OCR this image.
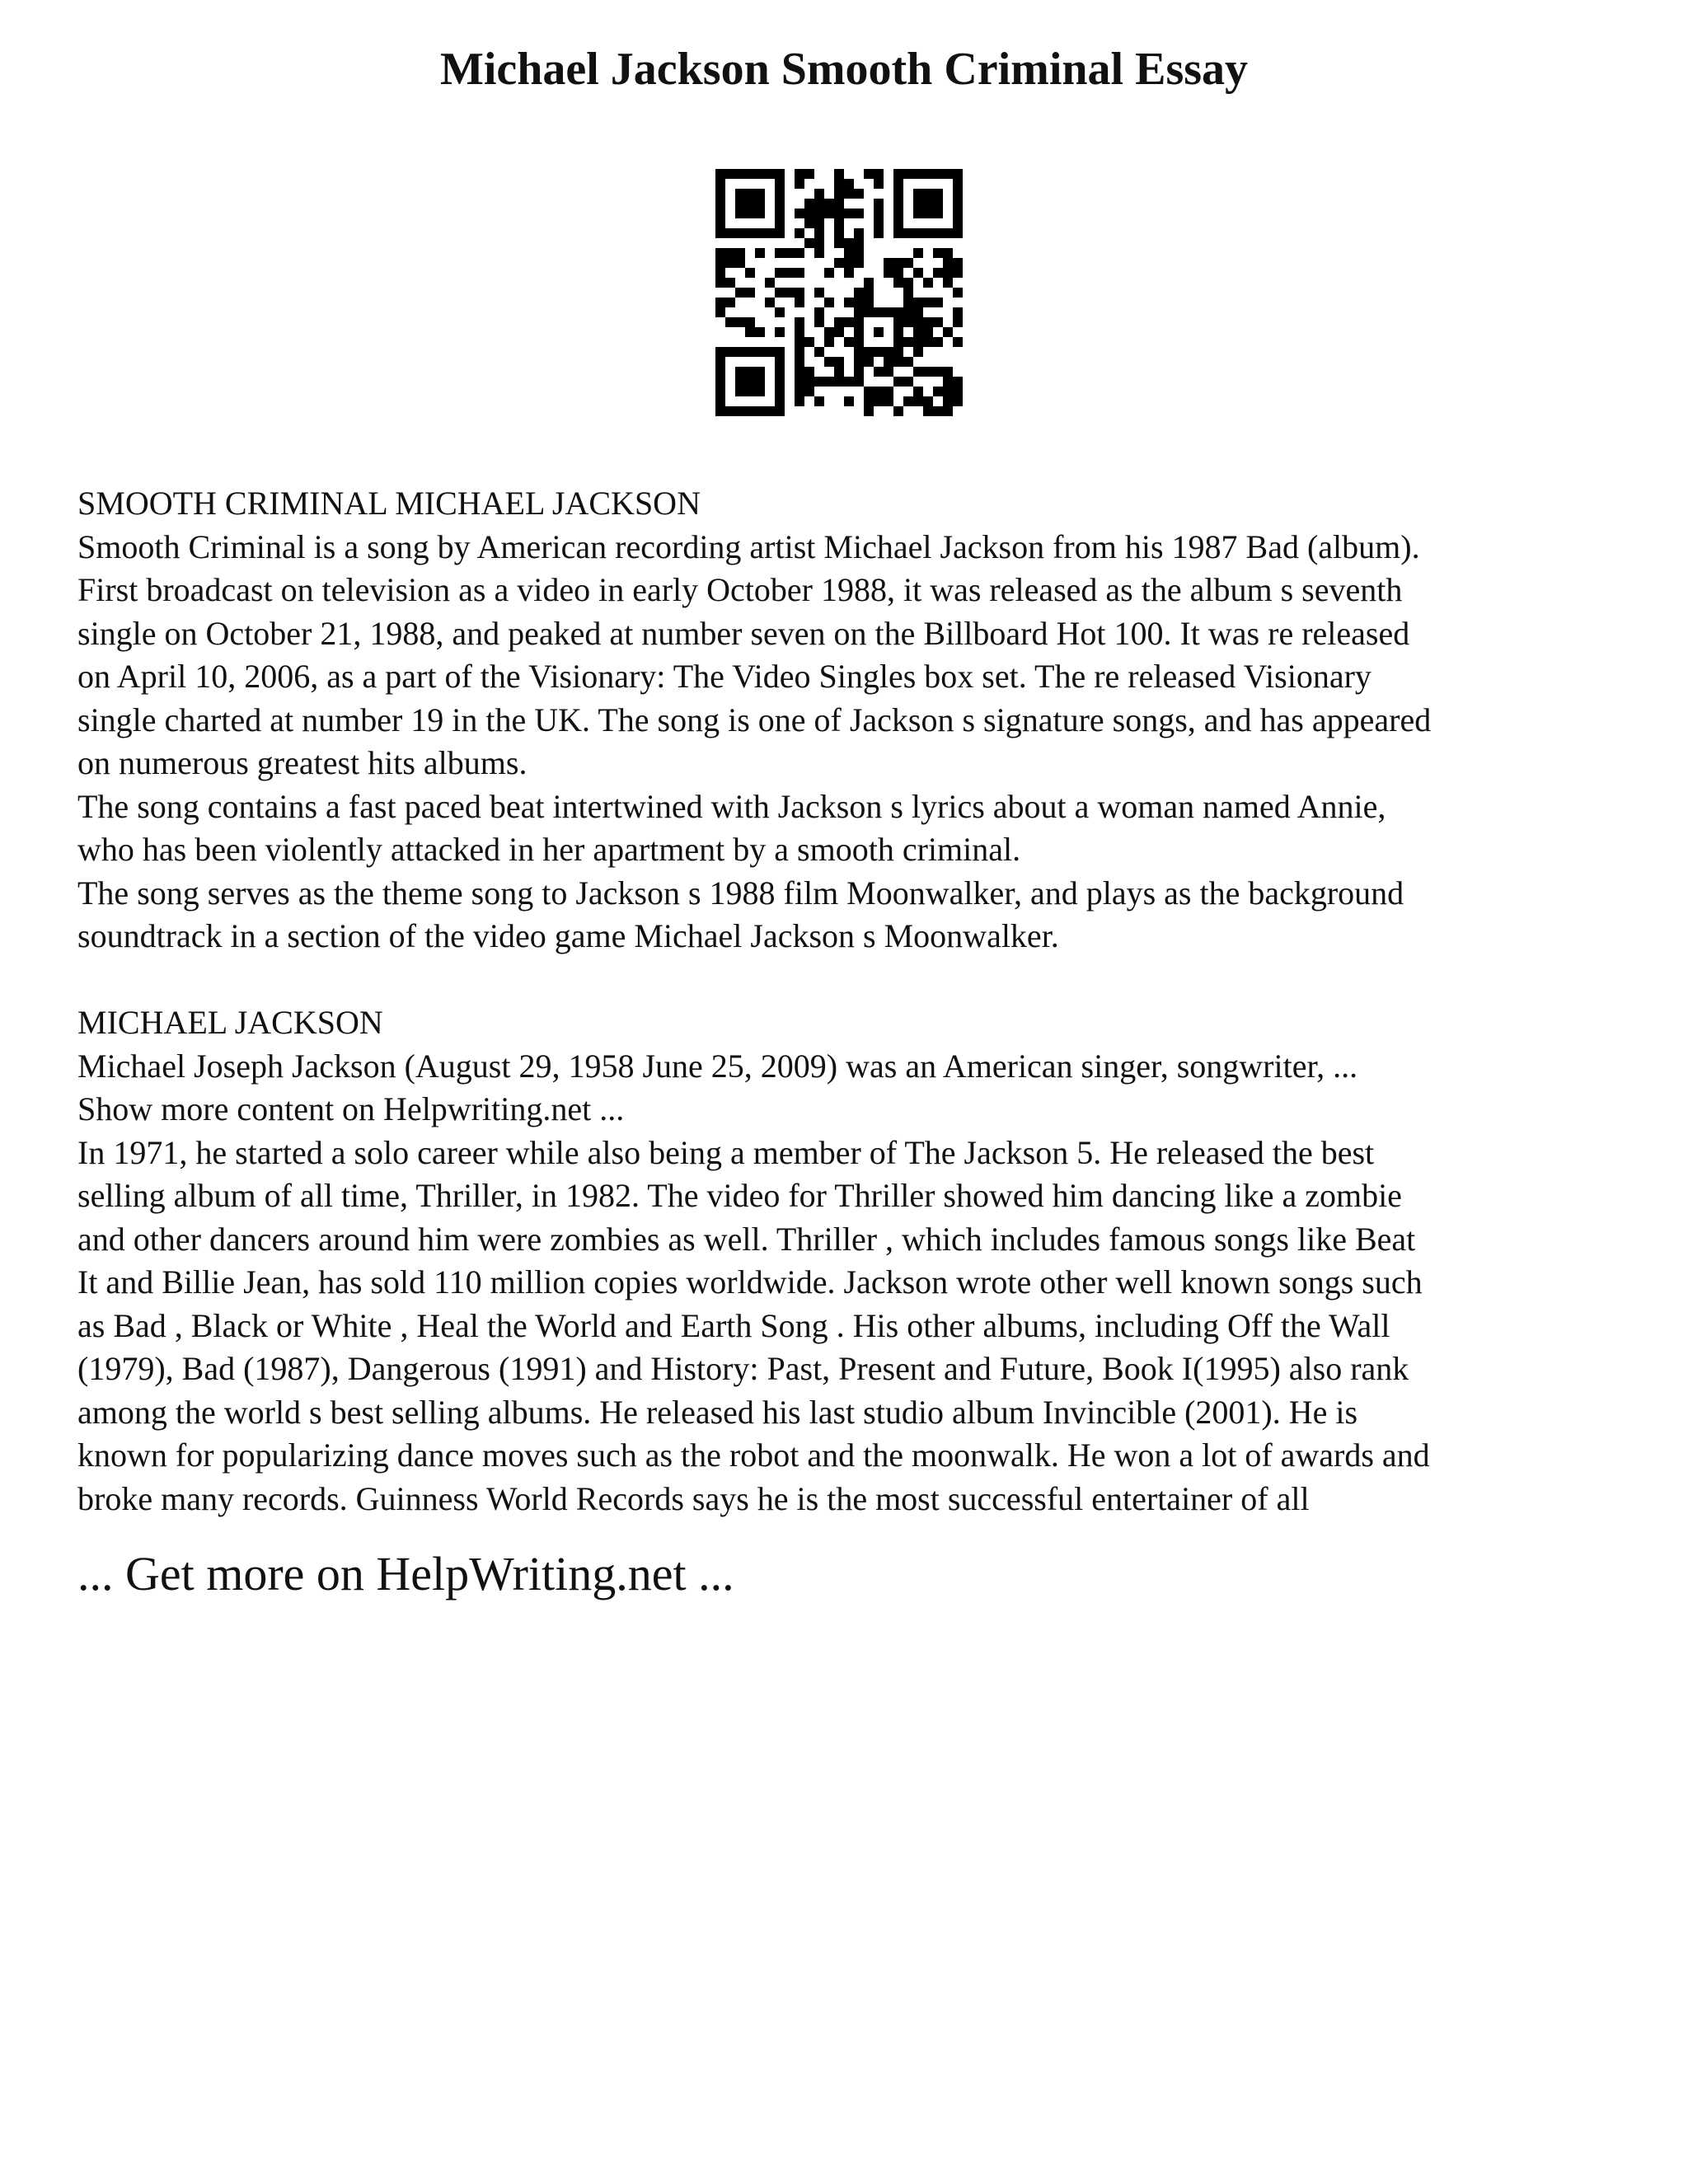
Michael Jackson Smooth Criminal Essay
SMOOTH CRIMINAL MICHAEL JACKSON
Smooth Criminal is a song by American recording artist Michael Jackson from his 1987 Bad (album).
First broadcast on television as a video in early October 1988, it was released as the album s seventh
single on October 21, 1988, and peaked at number seven on the Billboard Hot 100. It was re released
on April 10, 2006, as a part of the Visionary: The Video Singles box set. The re released Visionary
single charted at number 19 in the UK. The song is one of Jackson s signature songs, and has appeared
on numerous greatest hits albums.
The song contains a fast paced beat intertwined with Jackson s lyrics about a woman named Annie,
who has been violently attacked in her apartment by a smooth criminal.
The song serves as the theme song to Jackson s 1988 film Moonwalker, and plays as the background
soundtrack in a section of the video game Michael Jackson s Moonwalker.
MICHAEL JACKSON
Michael Joseph Jackson (August 29, 1958 June 25, 2009) was an American singer, songwriter, ...
Show more content on Helpwriting.net ...
In 1971, he started a solo career while also being a member of The Jackson 5. He released the best
selling album of all time, Thriller, in 1982. The video for Thriller showed him dancing like a zombie
and other dancers around him were zombies as well. Thriller , which includes famous songs like Beat
It and Billie Jean, has sold 110 million copies worldwide. Jackson wrote other well known songs such
as Bad , Black or White , Heal the World and Earth Song . His other albums, including Off the Wall
(1979), Bad (1987), Dangerous (1991) and History: Past, Present and Future, Book I(1995) also rank
among the world s best selling albums. He released his last studio album Invincible (2001). He is
known for popularizing dance moves such as the robot and the moonwalk. He won a lot of awards and
broke many records. Guinness World Records says he is the most successful entertainer of all
... Get more on HelpWriting.net ...
